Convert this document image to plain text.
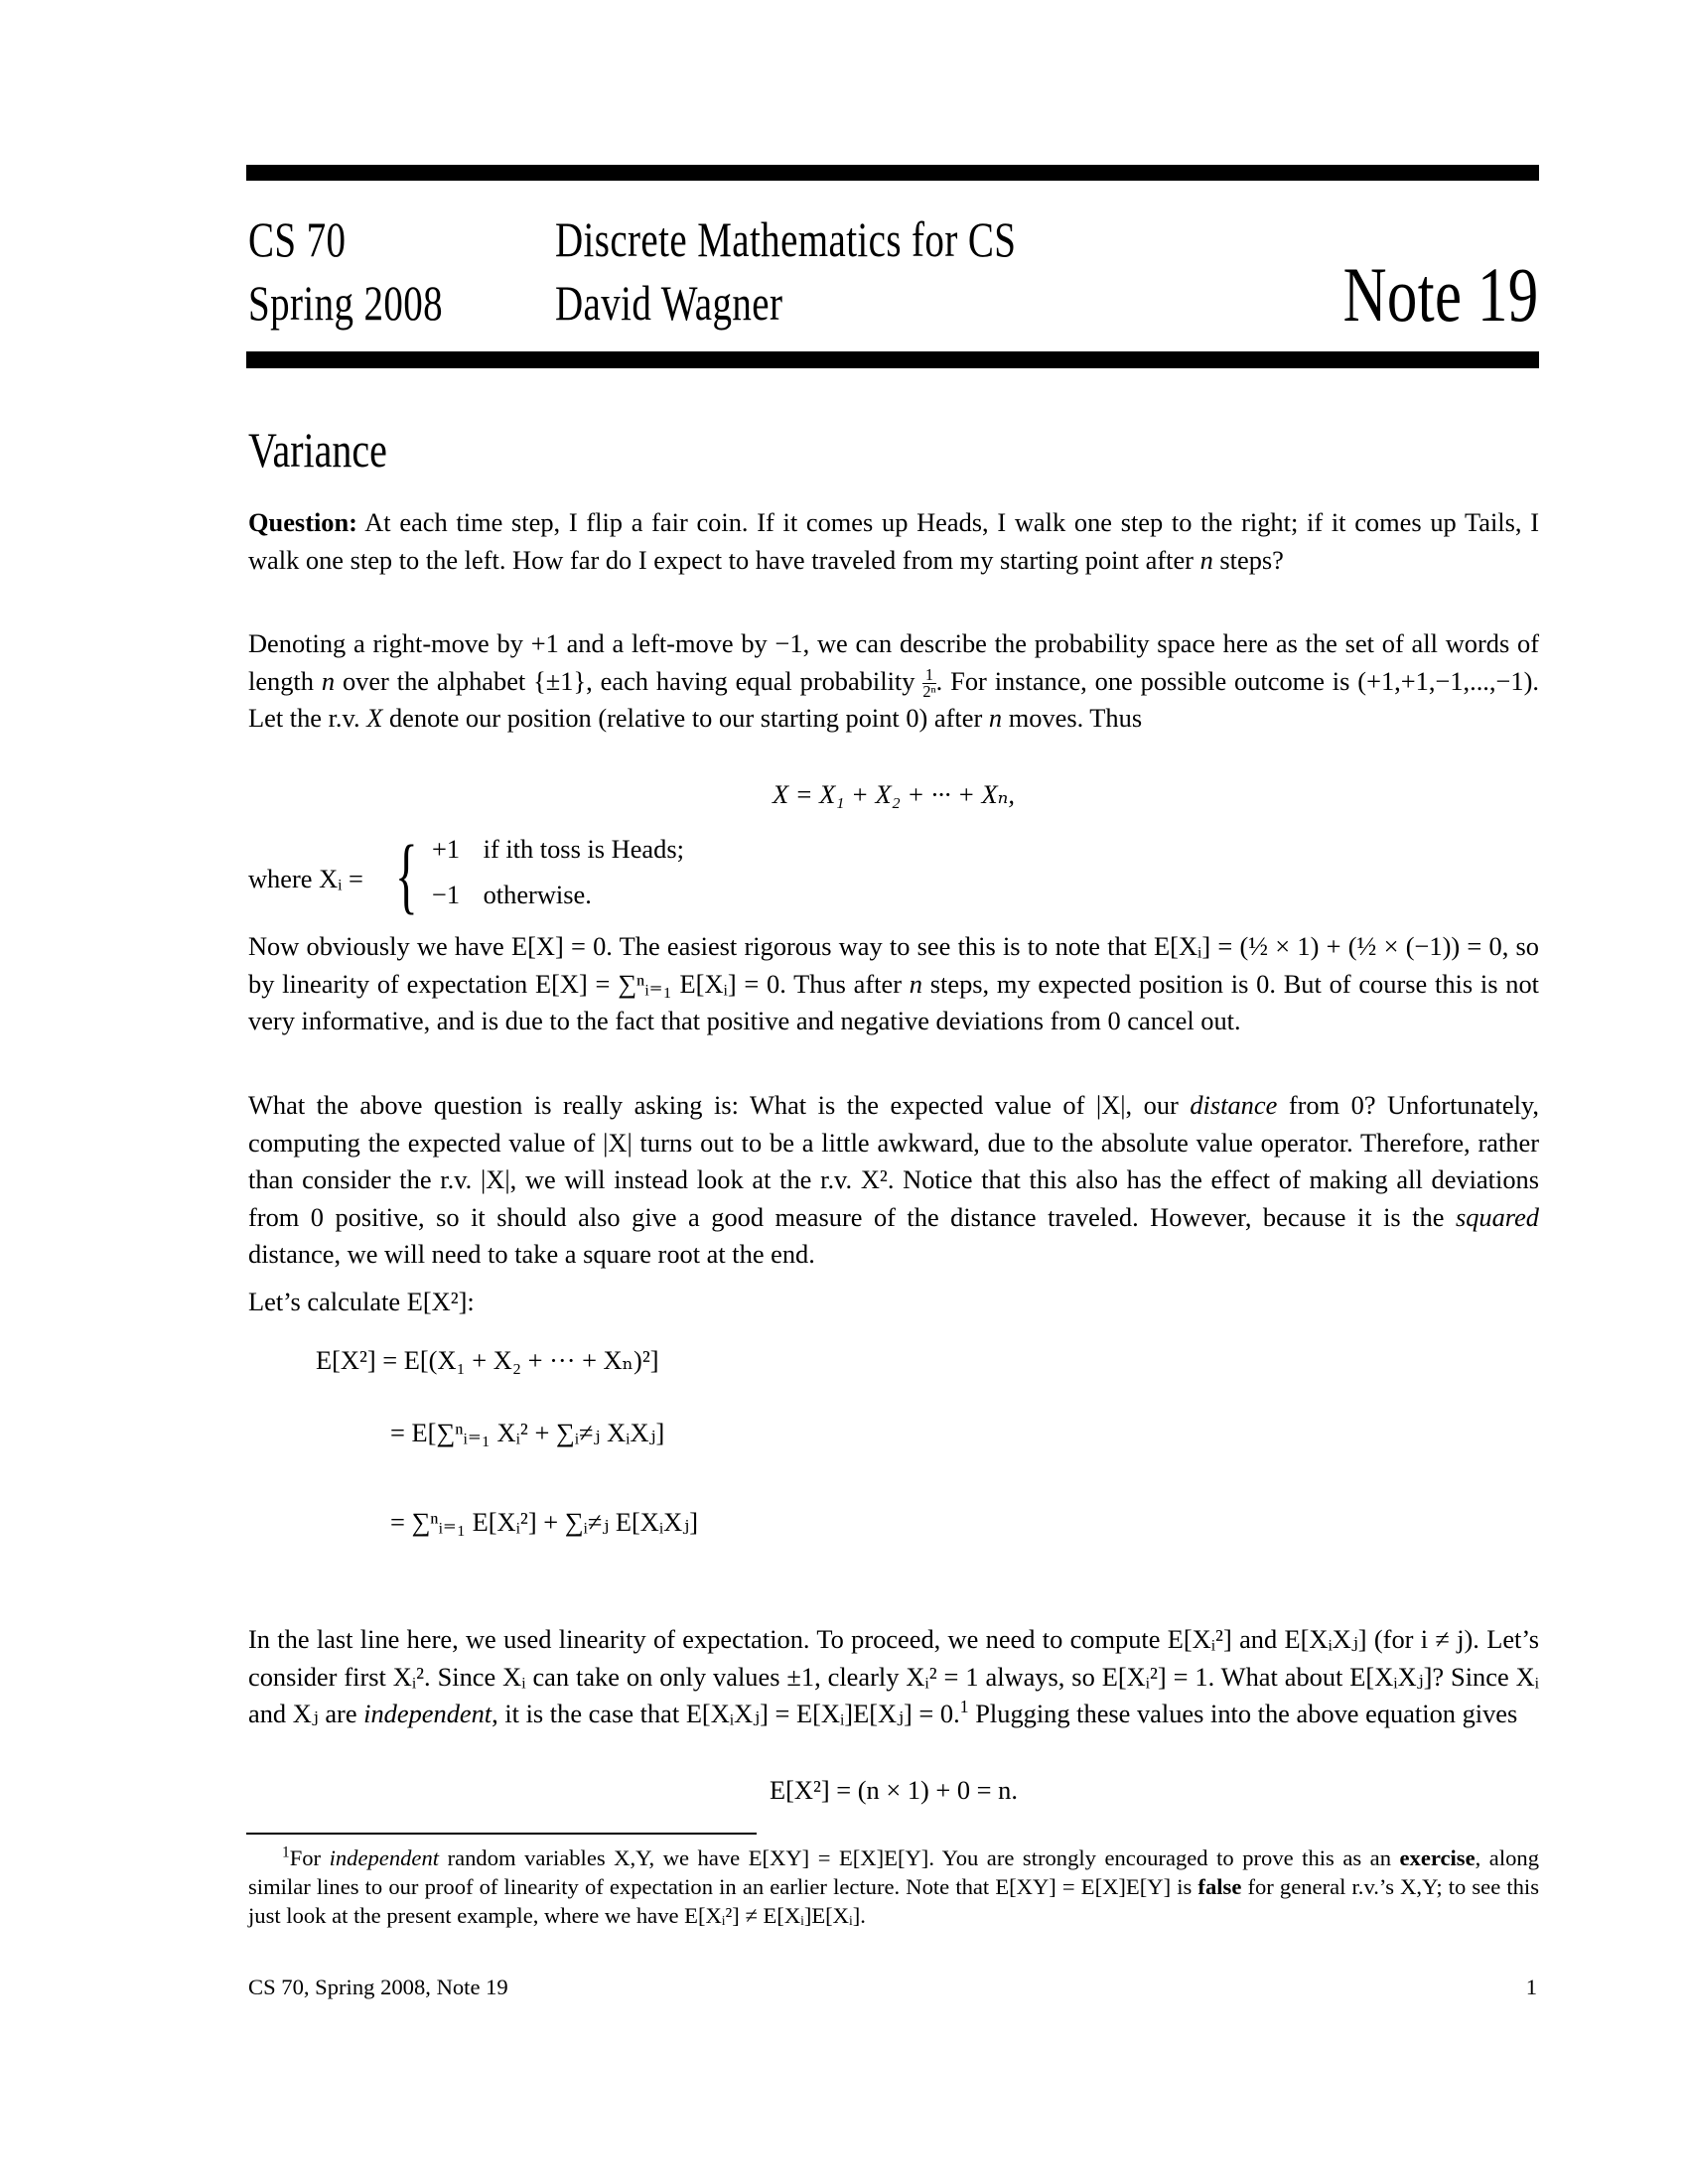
CS 70
Spring 2008
Discrete Mathematics for CS
David Wagner	Note 19
Variance

Question: At each time step, I flip a fair coin. If it comes up Heads, I walk one step to the right; if it comes up Tails, I walk one step to the left. How far do I expect to have traveled from my starting point after n steps?

Denoting a right-move by +1 and a left-move by −1, we can describe the probability space here as the set of all words of length n over the alphabet {±1}, each having equal probability $\frac{1}{\text{2ⁿ}}$ . For instance, one possible outcome is (+1,+1,−1,...,−1). Let the r.v. X denote our position (relative to our starting point 0) after n moves. Thus

X = X₁ + X₂ + ··· + Xₙ,
where Xᵢ = { +1 if ith toss is Heads;
−1 otherwise.

Now obviously we have E[X] = 0. The easiest rigorous way to see this is to note that E[Xᵢ] = (½ × 1) + (½ × (−1)) = 0, so by linearity of expectation E[X] = ∑ⁿᵢ₌₁ E[Xᵢ] = 0. Thus after n steps, my expected position is 0. But of course this is not very informative, and is due to the fact that positive and negative deviations from 0 cancel out.

What the above question is really asking is: What is the expected value of |X|, our distance from 0? Unfortunately, computing the expected value of |X| turns out to be a little awkward, due to the absolute value operator. Therefore, rather than consider the r.v. |X|, we will instead look at the r.v. X². Notice that this also has the effect of making all deviations from 0 positive, so it should also give a good measure of the distance traveled. However, because it is the squared distance, we will need to take a square root at the end.

Let’s calculate E[X²]:

E[X²] = E[(X₁ + X₂ + ··· + Xₙ)²]
= E[∑ⁿᵢ₌₁ Xᵢ² + ∑ᵢ≠ⱼ XᵢXⱼ]
= ∑ⁿᵢ₌₁ E[Xᵢ²] + ∑ᵢ≠ⱼ E[XᵢXⱼ]

In the last line here, we used linearity of expectation. To proceed, we need to compute E[Xᵢ²] and E[XᵢXⱼ] (for i ≠ j). Let’s consider first Xᵢ². Since Xᵢ can take on only values ±1, clearly Xᵢ² = 1 always, so E[Xᵢ²] = 1. What about E[XᵢXⱼ]? Since Xᵢ and Xⱼ are independent, it is the case that E[XᵢXⱼ] = E[Xᵢ]E[Xⱼ] = 0.$^1$ Plugging these values into the above equation gives

E[X²] = (n × 1) + 0 = n.

$^1$For independent random variables X,Y, we have E[XY] = E[X]E[Y]. You are strongly encouraged to prove this as an exercise, along similar lines to our proof of linearity of expectation in an earlier lecture. Note that E[XY] = E[X]E[Y] is false for general r.v.’s X,Y; to see this just look at the present example, where we have E[Xᵢ²] ≠ E[Xᵢ]E[Xᵢ].

CS 70, Spring 2008, Note 19	1
